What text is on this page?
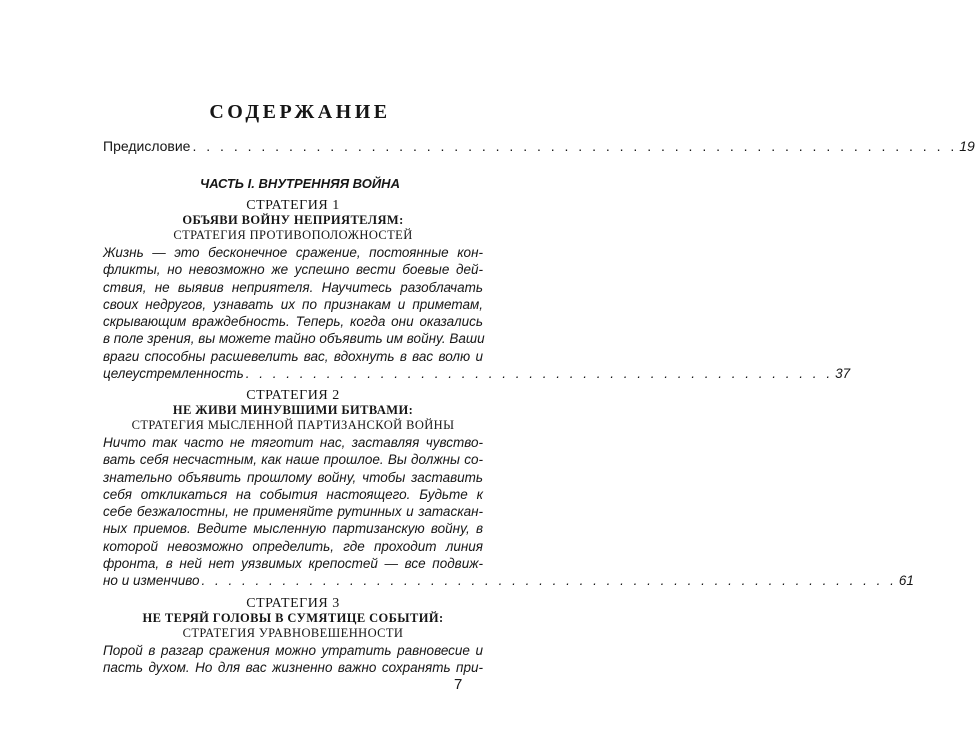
СОДЕРЖАНИЕ
Предисловие . . . . . . . . . . . . . . . . . . . . . . . . . . . . . . . . . . . . . . . . . . . . . . . . . . . . . . . . 19
ЧАСТЬ I. ВНУТРЕННЯЯ ВОЙНА
СТРАТЕГИЯ 1
ОБЪЯВИ ВОЙНУ НЕПРИЯТЕЛЯМ:
СТРАТЕГИЯ ПРОТИВОПОЛОЖНОСТЕЙ
Жизнь — это бесконечное сражение, постоянные кон-
фликты, но невозможно же успешно вести боевые дей-
ствия, не выявив неприятеля. Научитесь разоблачать
своих недругов, узнавать их по признакам и приметам,
скрывающим враждебность. Теперь, когда они оказались
в поле зрения, вы можете тайно объявить им войну. Ваши
враги способны расшевелить вас, вдохнуть в вас волю и
целеустремленность . . . . . . . . . . . . . . . . . . . . . . . . . . . . . . . . . . . . . . . . . . . . 37
СТРАТЕГИЯ 2
НЕ ЖИВИ МИНУВШИМИ БИТВАМИ:
СТРАТЕГИЯ МЫСЛЕННОЙ ПАРТИЗАНСКОЙ ВОЙНЫ
Ничто так часто не тяготит нас, заставляя чувство-
вать себя несчастным, как наше прошлое. Вы должны со-
знательно объявить прошлому войну, чтобы заставить
себя откликаться на события настоящего. Будьте к
себе безжалостны, не применяйте рутинных и затаскан-
ных приемов. Ведите мысленную партизанскую войну, в
которой невозможно определить, где проходит линия
фронта, в ней нет уязвимых крепостей — все подвиж-
но и изменчиво . . . . . . . . . . . . . . . . . . . . . . . . . . . . . . . . . . . . . . . . . . . . . . . . . . . . 61
СТРАТЕГИЯ 3
НЕ ТЕРЯЙ ГОЛОВЫ В СУМЯТИЦЕ СОБЫТИЙ:
СТРАТЕГИЯ УРАВНОВЕШЕННОСТИ
Порой в разгар сражения можно утратить равновесие и
пасть духом. Но для вас жизненно важно сохранять при-
7
